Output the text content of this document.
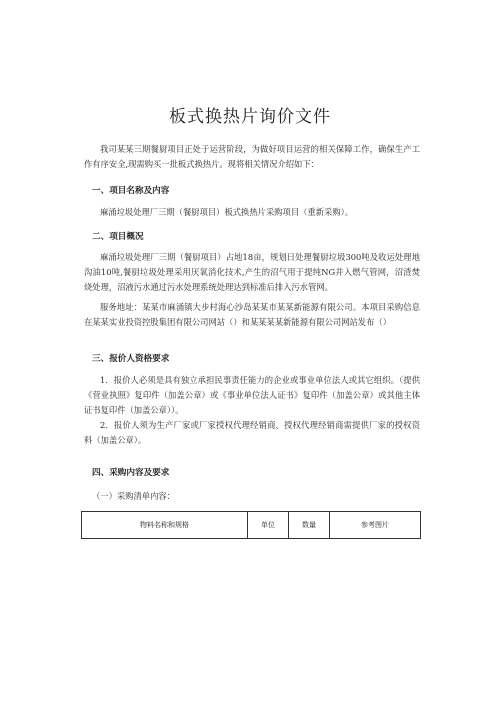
板式换热片询价文件
我司某某三期餐厨项目正处于运营阶段，为做好项目运营的相关保障工作，确保生产工作有序安全,现需购买一批板式换热片。现将相关情况介绍如下：
一、项目名称及内容
麻涌垃圾处理厂三期（餐厨项目）板式换热片采购项目（重新采购）。
二、项目概况
麻涌垃圾处理厂三期（餐厨项目）占地18亩，规划日处理餐厨垃圾300吨及收运处理地沟油10吨,餐厨垃圾处理采用厌氧消化技术,产生的沼气用于提纯NG并入燃气管网，沼渣焚烧处理，沼液污水通过污水处理系统处理达到标准后排入污水管网。
服务地址：某某市麻涌镇大步村海心沙岛某某市某某新能源有限公司。本项目采购信息在某某实业投资控股集团有限公司网站（）和某某某某新能源有限公司网站发布（）
三、报价人资格要求
1．报价人必须是具有独立承担民事责任能力的企业或事业单位法人或其它组织。（提供《营业执照》复印件（加盖公章）或《事业单位法人证书》复印件（加盖公章）或其他主体证书复印件（加盖公章））。
2．报价人须为生产厂家或厂家授权代理经销商，授权代理经销商需提供厂家的授权资料（加盖公章）。
四、采购内容及要求
（一）采购清单内容：
物料名称和规格	单位	数量	参考图片
